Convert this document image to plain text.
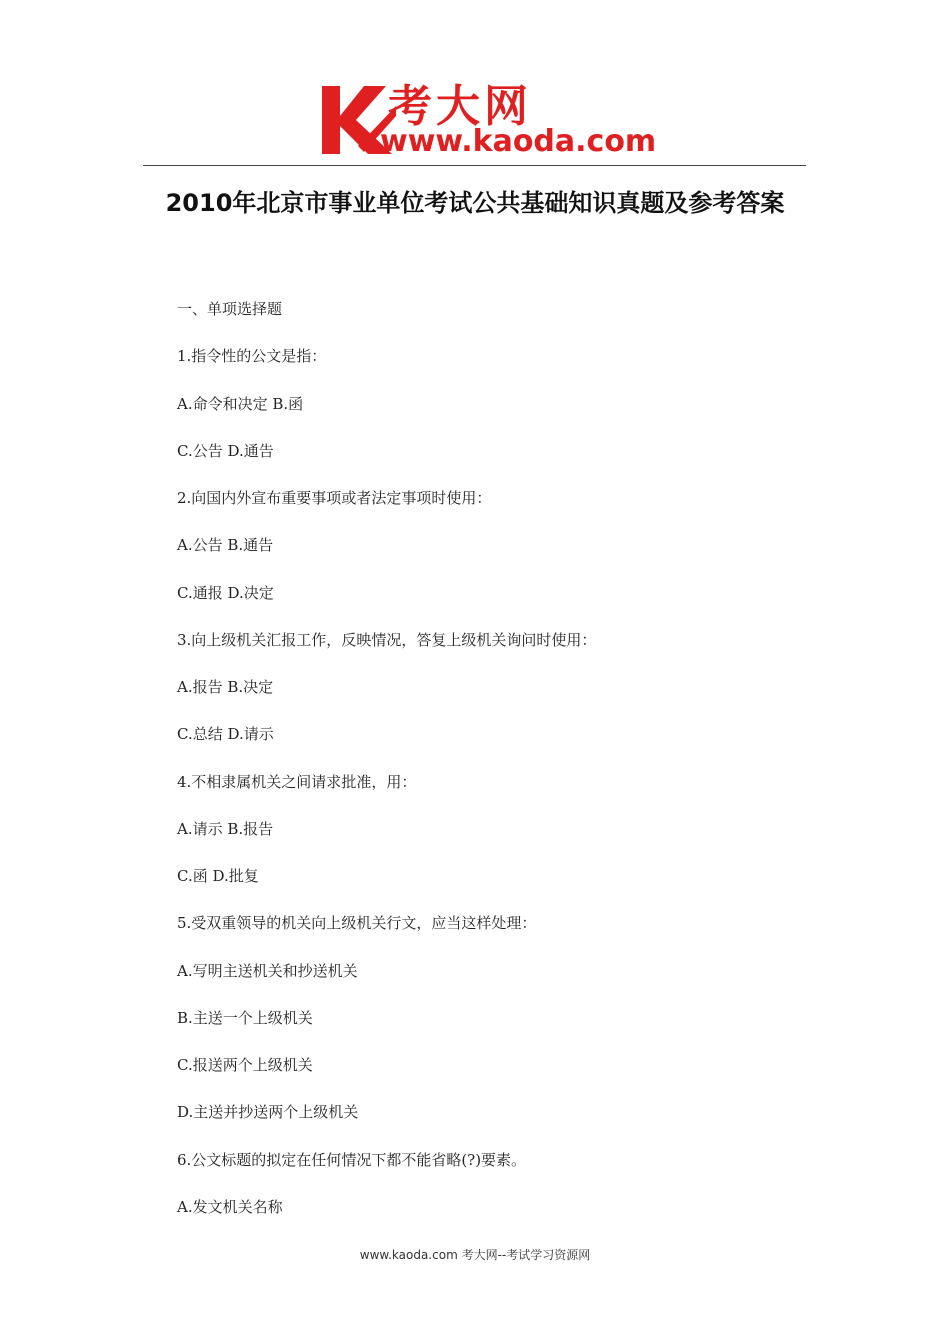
考大网
www.kaoda.com
2010年北京市事业单位考试公共基础知识真题及参考答案
一、单项选择题
1.指令性的公文是指：
A.命令和决定 B.函
C.公告 D.通告
2.向国内外宣布重要事项或者法定事项时使用：
A.公告 B.通告
C.通报 D.决定
3.向上级机关汇报工作，反映情况，答复上级机关询问时使用：
A.报告 B.决定
C.总结 D.请示
4.不相隶属机关之间请求批准，用：
A.请示 B.报告
C.函 D.批复
5.受双重领导的机关向上级机关行文，应当这样处理：
A.写明主送机关和抄送机关
B.主送一个上级机关
C.报送两个上级机关
D.主送并抄送两个上级机关
6.公文标题的拟定在任何情况下都不能省略(?)要素。
A.发文机关名称
www.kaoda.com 考大网--考试学习资源网
